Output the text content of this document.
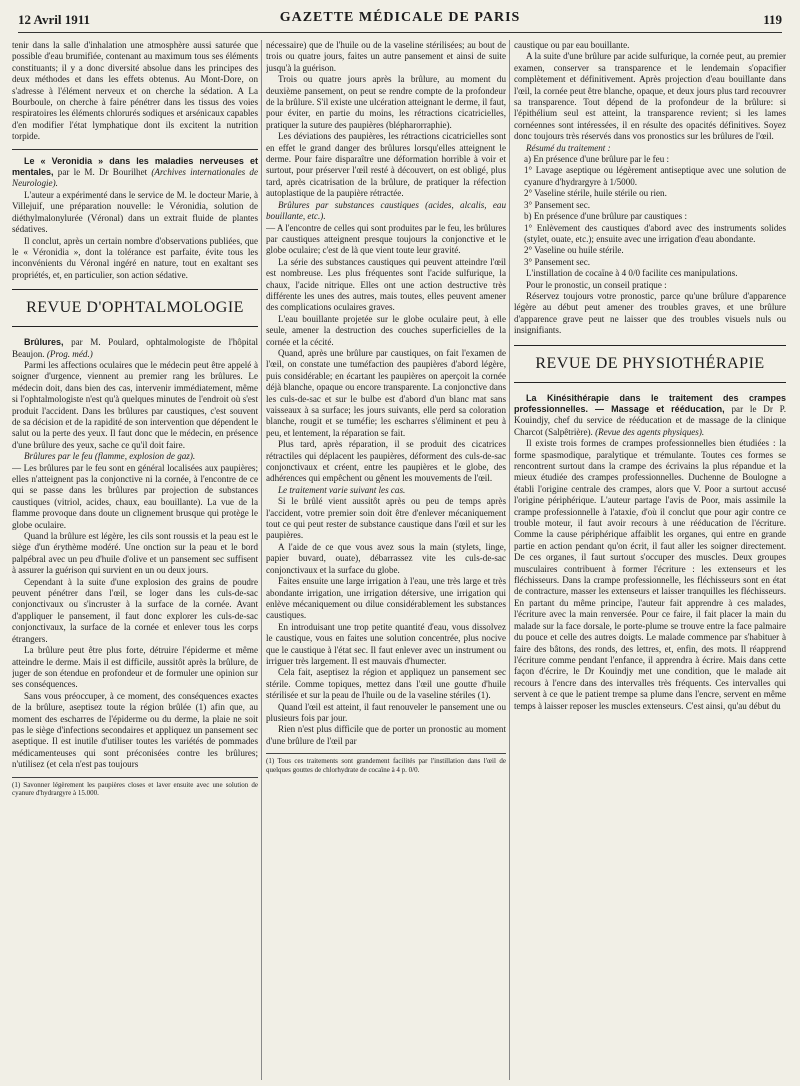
12 Avril 1911	GAZETTE MÉDICALE DE PARIS	119

tenir dans la salle d'inhalation une atmosphère aussi saturée que possible d'eau brumifiée, contenant au maximum tous ses éléments constituants; il y a donc diversité absolue dans les principes des deux méthodes et dans les effets obtenus. Au Mont-Dore, on s'adresse à l'élément nerveux et on cherche la sédation. A La Bourboule, on cherche à faire pénétrer dans les tissus des voies respiratoires les éléments chlorurés sodiques et arsénicaux capables d'en modifier l'état lymphatique dont ils excitent la nutrition torpide.

Le « Veronidia » dans les maladies nerveuses et mentales, par le M. Dr Bourilhet (Archives internationales de Neurologie).

L'auteur a expérimenté dans le service de M. le docteur Marie, à Villejuif, une préparation nouvelle: le Véronidia, solution de diéthylmalonylurée (Véronal) dans un extrait fluide de plantes sédatives.

Il conclut, après un certain nombre d'observations publiées, que le « Véronidia », dont la tolérance est parfaite, évite tous les inconvénients du Véronal ingéré en nature, tout en exaltant ses propriétés, et, en particulier, son action sédative.

REVUE D'OPHTALMOLOGIE

Brûlures, par M. Poulard, ophtalmologiste de l'hôpital Beaujon. (Prog. méd.)

Parmi les affections oculaires que le médecin peut être appelé à soigner d'urgence, viennent au premier rang les brûlures. Le médecin doit, dans bien des cas, intervenir immédiatement, même si l'ophtalmologiste n'est qu'à quelques minutes de l'endroit où s'est produit l'accident. Dans les brûlures par caustiques, c'est souvent de sa décision et de la rapidité de son intervention que dépendent le salut ou la perte des yeux. Il faut donc que le médecin, en présence d'une brûlure des yeux, sache ce qu'il doit faire.

Brûlures par le feu (flamme, explosion de gaz).

— Les brûlures par le feu sont en général localisées aux paupières; elles n'atteignent pas la conjonctive ni la cornée, à l'encontre de ce qui se passe dans les brûlures par projection de substances caustiques (vitriol, acides, chaux, eau bouillante). La vue de la flamme provoque dans doute un clignement brusque qui protège le globe oculaire.

Quand la brûlure est légère, les cils sont roussis et la peau est le siège d'un érythème modéré. Une onction sur la peau et le bord palpébral avec un peu d'huile d'olive et un pansement sec suffisent à assurer la guérison qui survient en un ou deux jours.

Cependant à la suite d'une explosion des grains de poudre peuvent pénétrer dans l'œil, se loger dans les culs-de-sac conjonctivaux ou s'incruster à la surface de la cornée. Avant d'appliquer le pansement, il faut donc explorer les culs-de-sac conjonctivaux, la surface de la cornée et enlever tous les corps étrangers.

La brûlure peut être plus forte, détruire l'épiderme et même atteindre le derme. Mais il est difficile, aussitôt après la brûlure, de juger de son étendue en profondeur et de formuler une opinion sur ses conséquences.

Sans vous préoccuper, à ce moment, des conséquences exactes de la brûlure, aseptisez toute la région brûlée (1) afin que, au moment des escharres de l'épiderme ou du derme, la plaie ne soit pas le siège d'infections secondaires et appliquez un pansement sec aseptique. Il est inutile d'utiliser toutes les variétés de pommades médicamenteuses qui sont préconisées contre les brûlures; n'utilisez (et cela n'est pas toujours

(1) Savonner légèrement les paupières closes et laver ensuite avec une solution de cyanure d'hydrargyre à 15.000.

nécessaire) que de l'huile ou de la vaseline stérilisées; au bout de trois ou quatre jours, faites un autre pansement et ainsi de suite jusqu'à la guérison.

Trois ou quatre jours après la brûlure, au moment du deuxième pansement, on peut se rendre compte de la profondeur de la brûlure. S'il existe une ulcération atteignant le derme, il faut, pour éviter, en partie du moins, les rétractions cicatricielles, pratiquer la suture des paupières (blépharorraphie).

Les déviations des paupières, les rétractions cicatricielles sont en effet le grand danger des brûlures lorsqu'elles atteignent le derme. Pour faire disparaître une déformation horrible à voir et surtout, pour préserver l'œil resté à découvert, on est obligé, plus tard, après cicatrisation de la brûlure, de pratiquer la réfection autoplastique de la paupière rétractée.

Brûlures par substances caustiques (acides, alcalis, eau bouillante, etc.).

— A l'encontre de celles qui sont produites par le feu, les brûlures par caustiques atteignent presque toujours la conjonctive et le globe oculaire; c'est de là que vient toute leur gravité.

La série des substances caustiques qui peuvent atteindre l'œil est nombreuse. Les plus fréquentes sont l'acide sulfurique, la chaux, l'acide nitrique. Elles ont une action destructive très différente les unes des autres, mais toutes, elles peuvent amener des complications oculaires graves.

L'eau bouillante projetée sur le globe oculaire peut, à elle seule, amener la destruction des couches superficielles de la cornée et la cécité.

Quand, après une brûlure par caustiques, on fait l'examen de l'œil, on constate une tuméfaction des paupières d'abord légère, puis considérable; en écartant les paupières on aperçoit la cornée déjà blanche, opaque ou encore transparente. La conjonctive dans les culs-de-sac et sur le bulbe est d'abord d'un blanc mat sans vaisseaux à sa surface; les jours suivants, elle perd sa coloration blanche, rougit et se tuméfie; les escharres s'éliminent et peu à peu, et lentement, la réparation se fait.

Plus tard, après réparation, il se produit des cicatrices rétractiles qui déplacent les paupières, déforment des culs-de-sac conjonctivaux et créent, entre les paupières et le globe, des adhérences qui empêchent ou gênent les mouvements de l'œil.

Le traitement varie suivant les cas.

Si le brûlé vient aussitôt après ou peu de temps après l'accident, votre premier soin doit être d'enlever mécaniquement tout ce qui peut rester de substance caustique dans l'œil et sur les paupières.

A l'aide de ce que vous avez sous la main (stylets, linge, papier buvard, ouate), débarrassez vite les culs-de-sac conjonctivaux et la surface du globe.

Faites ensuite une large irrigation à l'eau, une très large et très abondante irrigation, une irrigation détersive, une irrigation qui enlève mécaniquement ou dilue considérablement les substances caustiques.

En introduisant une trop petite quantité d'eau, vous dissolvez le caustique, vous en faites une solution concentrée, plus nocive que le caustique à l'état sec. Il faut enlever avec un instrument ou irriguer très largement. Il est mauvais d'humecter.

Cela fait, aseptisez la région et appliquez un pansement sec stérile. Comme topiques, mettez dans l'œil une goutte d'huile stérilisée et sur la peau de l'huile ou de la vaseline stériles (1).

Quand l'œil est atteint, il faut renouveler le pansement une ou plusieurs fois par jour.

Rien n'est plus difficile que de porter un pronostic au moment d'une brûlure de l'œil par

(1) Tous ces traitements sont grandement facilités par l'instillation dans l'œil de quelques gouttes de chlorhydrate de cocaïne à 4 p. 0/0.

caustique ou par eau bouillante.

A la suite d'une brûlure par acide sulfurique, la cornée peut, au premier examen, conserver sa transparence et le lendemain s'opacifier complètement et définitivement. Après projection d'eau bouillante dans l'œil, la cornée peut être blanche, opaque, et deux jours plus tard recouvrer sa transparence. Tout dépend de la profondeur de la brûlure: si l'épithélium seul est atteint, la transparence revient; si les lames cornéennes sont intéressées, il en résulte des opacités définitives. Soyez donc toujours très réservés dans vos pronostics sur les brûlures de l'œil.

Résumé du traitement :

a) En présence d'une brûlure par le feu :

1° Lavage aseptique ou légèrement antiseptique avec une solution de cyanure d'hydrargyre à 1/5000.

2° Vaseline stérile, huile stérile ou rien.

3° Pansement sec.

b) En présence d'une brûlure par caustiques :

1° Enlèvement des caustiques d'abord avec des instruments solides (stylet, ouate, etc.); ensuite avec une irrigation d'eau abondante.

2° Vaseline ou huile stérile.

3° Pansement sec.

L'instillation de cocaïne à 4 0/0 facilite ces manipulations.

Pour le pronostic, un conseil pratique :

Réservez toujours votre pronostic, parce qu'une brûlure d'apparence légère au début peut amener des troubles graves, et une brûlure d'apparence grave peut ne laisser que des troubles visuels nuls ou insignifiants.

REVUE DE PHYSIOTHÉRAPIE

La Kinésithérapie dans le traitement des crampes professionnelles. — Massage et rééducation, par le Dr P. Kouindjy, chef du service de rééducation et de massage de la clinique Charcot (Salpêtrière). (Revue des agents physiques).

Il existe trois formes de crampes professionnelles bien étudiées : la forme spasmodique, paralytique et trémulante. Toutes ces formes se rencontrent surtout dans la crampe des écrivains la plus répandue et la mieux étudiée des crampes professionnelles. Duchenne de Boulogne a établi l'origine centrale des crampes, alors que V. Poor a surtout accusé l'origine périphérique. L'auteur partage l'avis de Poor, mais assimile la crampe professionnelle à l'ataxie, d'où il conclut que pour agir contre ce trouble moteur, il faut avoir recours à une rééducation de l'écriture. Comme la cause périphérique affaiblit les organes, qui entre en grande partie en action pendant qu'on écrit, il faut aller les soigner directement. De ces organes, il faut surtout s'occuper des muscles. Deux groupes musculaires contribuent à former l'écriture : les extenseurs et les fléchisseurs. Dans la crampe professionnelle, les fléchisseurs sont en état de contracture, masser les extenseurs et laisser tranquilles les fléchisseurs. En partant du même principe, l'auteur fait apprendre à ces malades, l'écriture avec la main renversée. Pour ce faire, il fait placer la main du malade sur la face dorsale, le porte-plume se trouve entre la face palmaire du pouce et celle des autres doigts. Le malade commence par s'habituer à faire des bâtons, des ronds, des lettres, et, enfin, des mots. Il réapprend l'écriture comme pendant l'enfance, il apprendra à écrire. Mais dans cette façon d'écrire, le Dr Kouindjy met une condition, que le malade ait recours à l'encre dans des intervalles très fréquents. Ces intervalles qui servent à ce que le patient trempe sa plume dans l'encre, servent en même temps à laisser reposer les muscles extenseurs. C'est ainsi, qu'au début du
